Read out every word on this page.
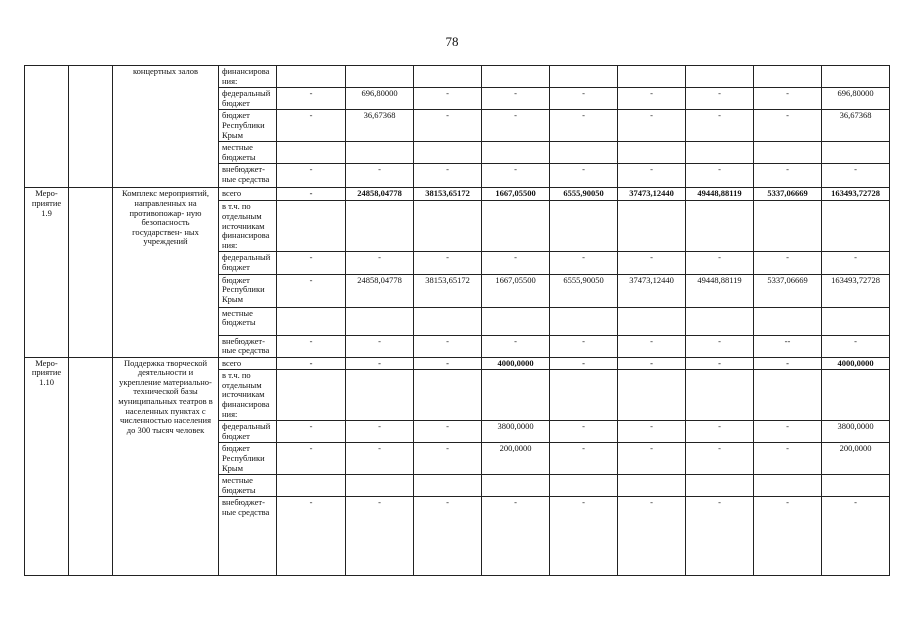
78
		концертных залов	финансирова ния:									
			федеральный бюджет	-	696,80000	-	-	-	-	-	-	696,80000
			бюджет Республики Крым	-	36,67368	-	-	-	-	-	-	36,67368
			местные бюджеты									
			внебюджет- ные средства	-	-	-	-	-	-	-	-	-
Меро- приятие 1.9		Комплекс мероприятий, направленных на противопожар- ную безопасность государствен- ных учреждений	всего	-	24858,04778	38153,65172	1667,05500	6555,90050	37473,12440	49448,88119	5337,06669	163493,72728
			в т.ч. по отдельным источникам финансирова ния:									
			федеральный бюджет	-	-	-	-	-	-	-	-	-
			бюджет Республики Крым	-	24858,04778	38153,65172	1667,05500	6555,90050	37473,12440	49448,88119	5337,06669	163493,72728
			местные бюджеты									
			внебюджет- ные средства	-	-	-	-	-	-	-	--	-
Меро- приятие 1.10		Поддержка творческой деятельности и укрепление материально- технической базы муниципальных театров в населенных пунктах с численностью населения до 300 тысяч человек	всего	-	-	-	4000,0000	-	-	-	-	4000,0000
			в т.ч. по отдельным источникам финансирова ния:									
			федеральный бюджет	-	-	-	3800,0000	-	-	-	-	3800,0000
			бюджет Республики Крым	-	-	-	200,0000	-	-	-	-	200,0000
			местные бюджеты									
			внебюджет- ные средства	-	-	-	-	-	-	-	-	-
